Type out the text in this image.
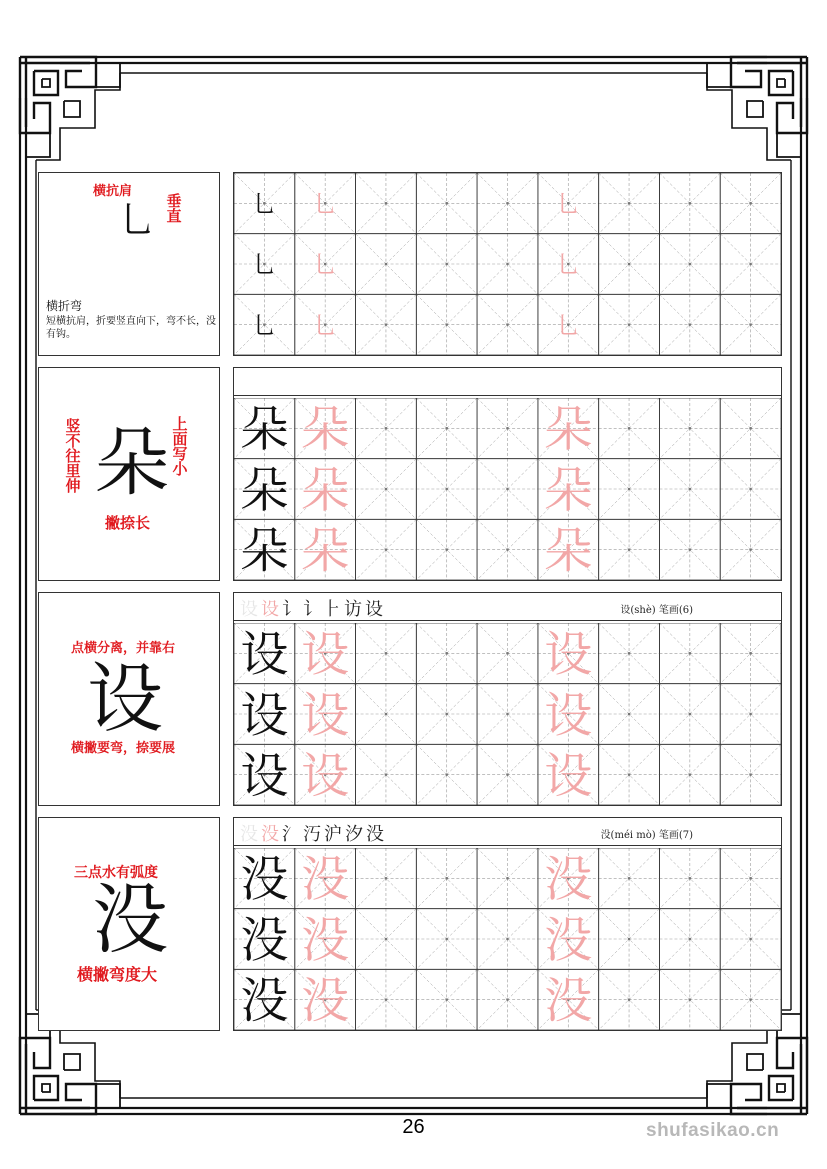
横抗肩
乚 垂直
横折弯
短横抗肩，折要竖直向下，弯不长，没有钩。
乚 乚	乚
乚 乚	乚
乚 乚	乚
竖不往里伸	上面写小
朵
撇捺长
朵 朵	朵
朵 朵	朵
朵 朵	朵
点横分离，并靠右
设
横撇要弯，捺要展
设设讠讠⺊访设	设(shè) 笔画(6)
设 设	设
设 设	设
设 设	设
三点水有弧度
没
横撇弯度大
没没氵汅沪汐没	没(méi mò) 笔画(7)
没 没	没
没 没	没
没 没	没
26	shufasikao.cn
